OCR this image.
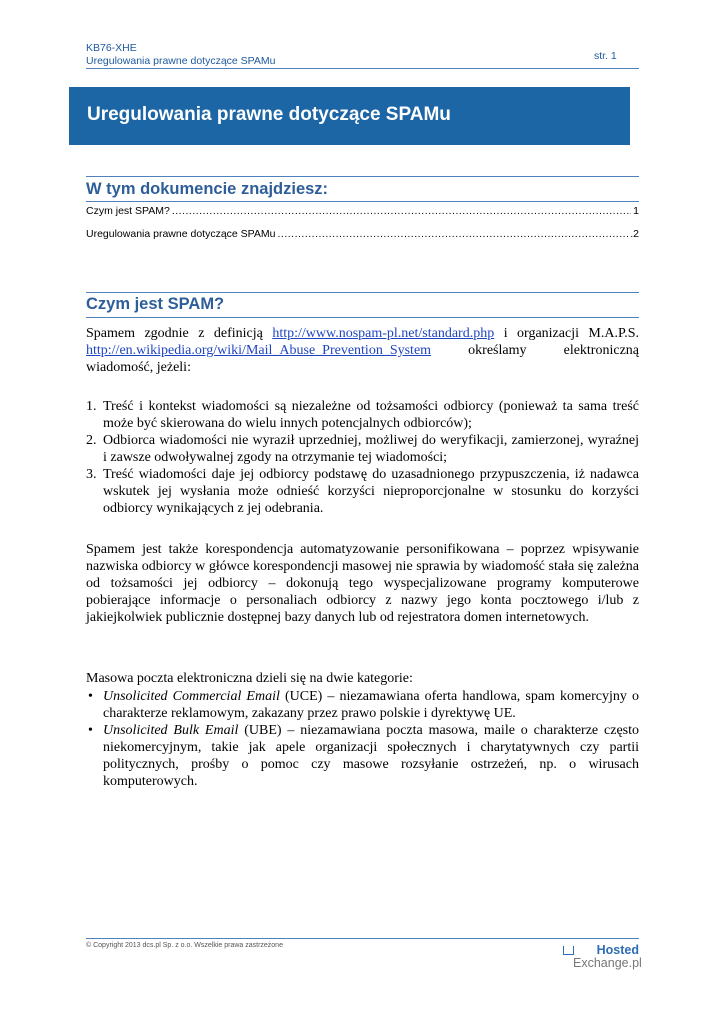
KB76-XHE
Uregulowania prawne dotyczące SPAMu	str. 1
Uregulowania prawne dotyczące SPAMu
W tym dokumencie znajdziesz:
Czym jest SPAM? .....	1
Uregulowania prawne dotyczące SPAMu .....	.2
Czym jest SPAM?
Spamem zgodnie z definicją http://www.nospam-pl.net/standard.php i organizacji M.A.P.S. http://en.wikipedia.org/wiki/Mail_Abuse_Prevention_System określamy elektroniczną wiadomość, jeżeli:
1. Treść i kontekst wiadomości są niezależne od tożsamości odbiorcy (ponieważ ta sama treść może być skierowana do wielu innych potencjalnych odbiorców);
2. Odbiorca wiadomości nie wyraził uprzedniej, możliwej do weryfikacji, zamierzonej, wyraźnej i zawsze odwoływalnej zgody na otrzymanie tej wiadomości;
3. Treść wiadomości daje jej odbiorcy podstawę do uzasadnionego przypuszczenia, iż nadawca wskutek jej wysłania może odnieść korzyści nieproporcjonalne w stosunku do korzyści odbiorcy wynikających z jej odebrania.
Spamem jest także korespondencja automatyzowanie personifikowana – poprzez wpisywanie nazwiska odbiorcy w główce korespondencji masowej nie sprawia by wiadomość stała się zależna od tożsamości jej odbiorcy – dokonują tego wyspecjalizowane programy komputerowe pobierające informacje o personaliach odbiorcy z nazwy jego konta pocztowego i/lub z jakiejkolwiek publicznie dostępnej bazy danych lub od rejestratora domen internetowych.
Masowa poczta elektroniczna dzieli się na dwie kategorie:
• Unsolicited Commercial Email (UCE) – niezamawiana oferta handlowa, spam komercyjny o charakterze reklamowym, zakazany przez prawo polskie i dyrektywę UE.
• Unsolicited Bulk Email (UBE) – niezamawiana poczta masowa, maile o charakterze często niekomercyjnym, takie jak apele organizacji społecznych i charytatywnych czy partii politycznych, prośby o pomoc czy masowe rozsyłanie ostrzeżeń, np. o wirusach komputerowych.
© Copyright 2013 dcs.pl Sp. z o.o. Wszelkie prawa zastrzeżone	Hosted
Exchange.pl
